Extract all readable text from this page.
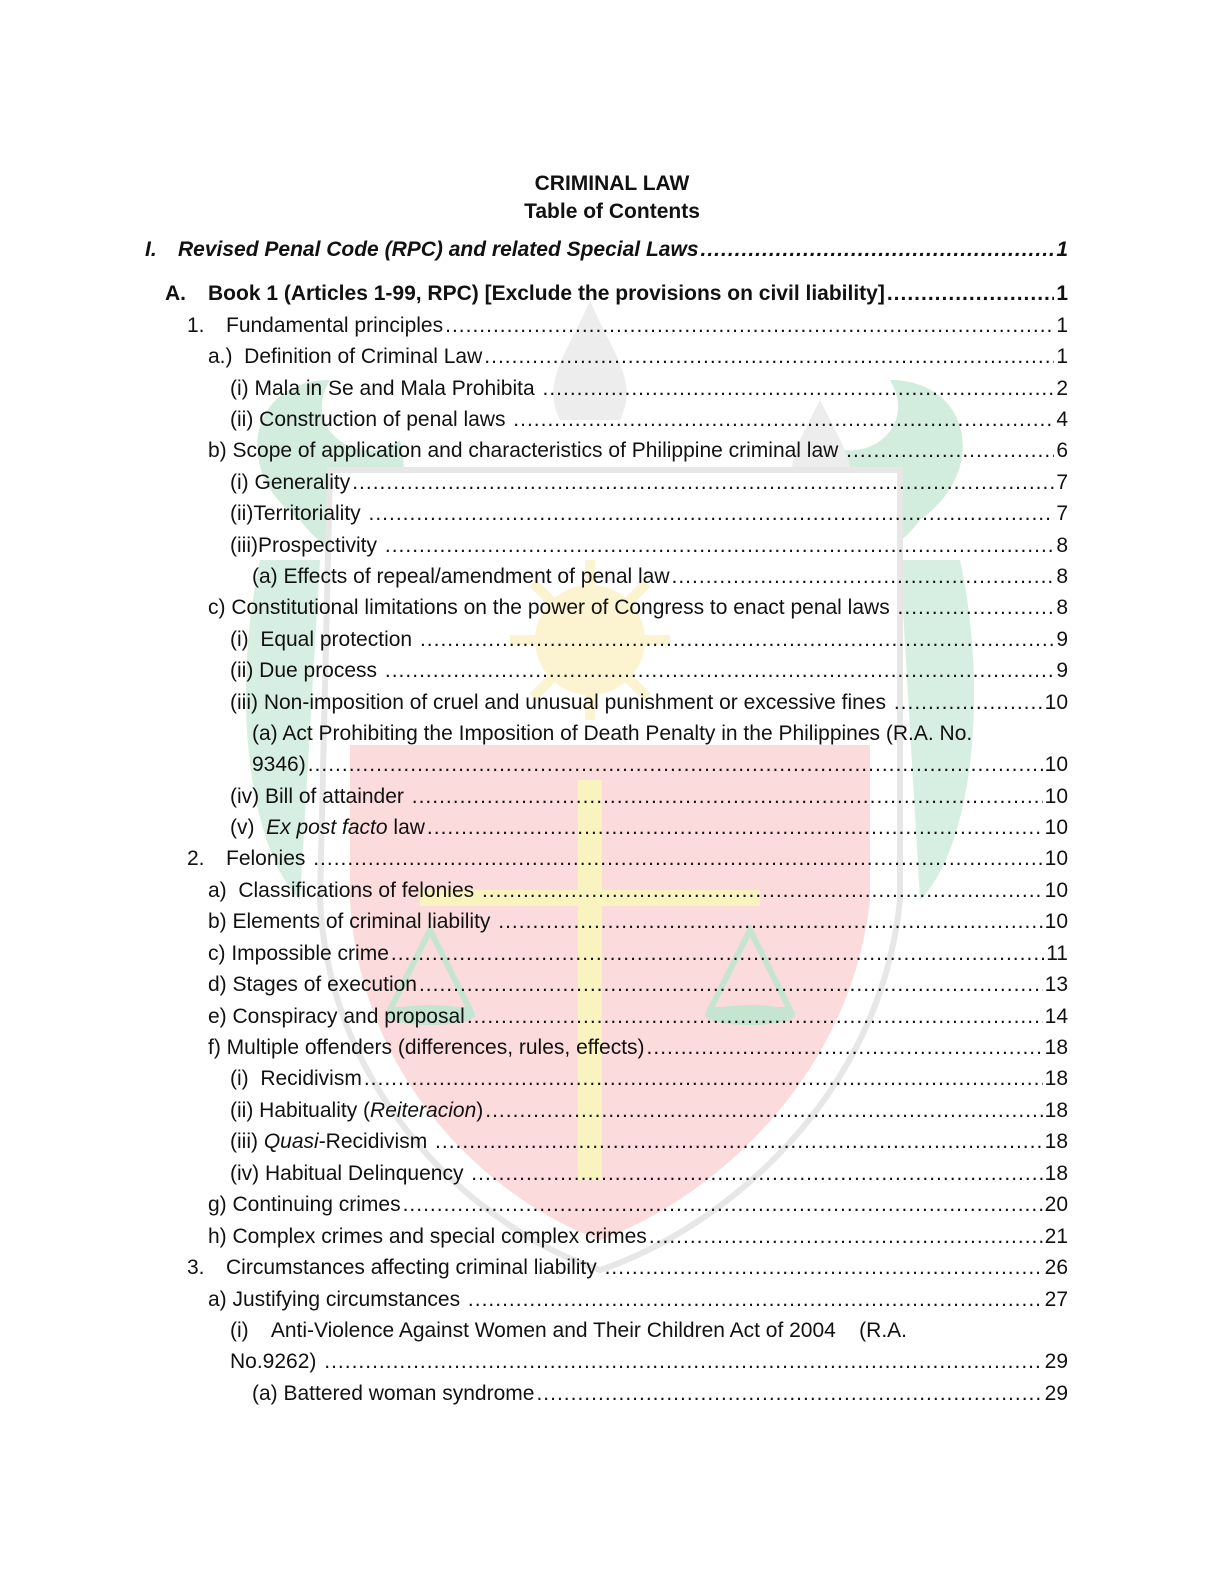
CRIMINAL LAW
Table of Contents
I.	Revised Penal Code (RPC) and related Special Laws .....	1
A.	Book 1 (Articles 1-99, RPC) [Exclude the provisions on civil liability] .....	1
1.	Fundamental principles .....	1
a.)  Definition of Criminal Law .....	1
(i) Mala in Se and Mala Prohibita .....	2
(ii) Construction of penal laws .....	4
b) Scope of application and characteristics of Philippine criminal law .....	6
(i) Generality .....	7
(ii)Territoriality .....	7
(iii)Prospectivity .....	8
(a) Effects of repeal/amendment of penal law .....	8
c) Constitutional limitations on the power of Congress to enact penal laws .....	8
(i)  Equal protection .....	9
(ii) Due process .....	9
(iii) Non-imposition of cruel and unusual punishment or excessive fines .....	10
(a) Act Prohibiting the Imposition of Death Penalty in the Philippines (R.A. No.
9346) .....	10
(iv) Bill of attainder .....	10
(v)  Ex post facto law .....	10
2.	Felonies .....	10
a)  Classifications of felonies .....	10
b) Elements of criminal liability .....	10
c) Impossible crime .....	11
d) Stages of execution .....	13
e) Conspiracy and proposal .....	14
f) Multiple offenders (differences, rules, effects) .....	18
(i)  Recidivism .....	18
(ii) Habituality (Reiteracion) .....	18
(iii) Quasi-Recidivism .....	18
(iv) Habitual Delinquency .....	18
g) Continuing crimes .....	20
h) Complex crimes and special complex crimes .....	21
3.	Circumstances affecting criminal liability .....	26
a) Justifying circumstances .....	27
(i)    Anti-Violence Against Women and Their Children Act of 2004    (R.A.
No.9262) .....	29
(a) Battered woman syndrome .....	29
